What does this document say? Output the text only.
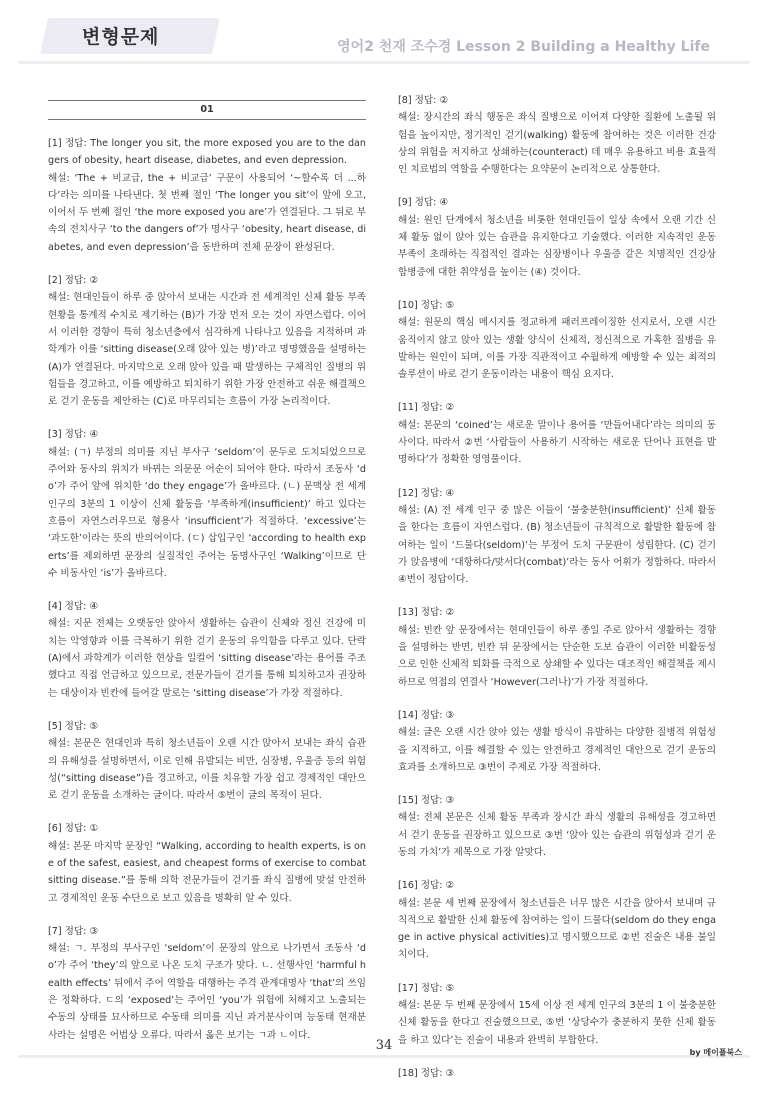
변형문제	영어2 천재 조수경 Lesson 2 Building a Healthy Life
01

[1] 정답: The longer you sit, the more exposed you are to the dangers of obesity, heart disease, diabetes, and even depression.

해설: ‘The + 비교급, the + 비교급’ 구문이 사용되어 ‘~할수록 더 ...하다’라는 의미를 나타낸다. 첫 번째 절인 ‘The longer you sit’이 앞에 오고, 이어서 두 번째 절인 ‘the more exposed you are’가 연결된다. 그 뒤로 부속의 전치사구 ‘to the dangers of’가 명사구 ‘obesity, heart disease, diabetes, and even depression’을 동반하며 전체 문장이 완성된다.

[2] 정답: ②

해설: 현대인들이 하루 중 앉아서 보내는 시간과 전 세계적인 신체 활동 부족 현황을 통계적 수치로 제기하는 (B)가 가장 먼저 오는 것이 자연스럽다. 이어서 이러한 경향이 특히 청소년층에서 심각하게 나타나고 있음을 지적하며 과학계가 이를 ‘sitting disease(오래 앉아 있는 병)’라고 명명했음을 설명하는 (A)가 연결된다. 마지막으로 오래 앉아 있을 때 발생하는 구체적인 질병의 위험들을 경고하고, 이를 예방하고 퇴치하기 위한 가장 안전하고 쉬운 해결책으로 걷기 운동을 제안하는 (C)로 마무리되는 흐름이 가장 논리적이다.

[3] 정답: ④

해설: (ㄱ) 부정의 의미를 지닌 부사구 ‘seldom’이 문두로 도치되었으므로 주어와 동사의 위치가 바뀌는 의문문 어순이 되어야 한다. 따라서 조동사 ‘do’가 주어 앞에 위치한 ‘do they engage’가 올바르다. (ㄴ) 문맥상 전 세계 인구의 3분의 1 이상이 신체 활동을 ‘부족하게(insufficient)’ 하고 있다는 흐름이 자연스러우므로 형용사 ‘insufficient’가 적절하다. ‘excessive’는 ‘과도한’이라는 뜻의 반의어이다. (ㄷ) 삽입구인 ‘according to health experts’를 제외하면 문장의 실질적인 주어는 동명사구인 ‘Walking’이므로 단수 비동사인 ‘is’가 올바르다.

[4] 정답: ④

해설: 지문 전체는 오랫동안 앉아서 생활하는 습관이 신체와 정신 건강에 미치는 악영향과 이를 극복하기 위한 걷기 운동의 유익함을 다루고 있다. 단락 (A)에서 과학계가 이러한 현상을 일컬어 ‘sitting disease’라는 용어를 주조했다고 직접 언급하고 있으므로, 전문가들이 걷기를 통해 퇴치하고자 권장하는 대상이자 빈칸에 들어갈 말로는 ‘sitting disease’가 가장 적절하다.

[5] 정답: ⑤

해설: 본문은 현대인과 특히 청소년들이 오랜 시간 앉아서 보내는 좌식 습관의 유해성을 설명하면서, 이로 인해 유발되는 비만, 심장병, 우울증 등의 위험성(“sitting disease”)을 경고하고, 이를 치유할 가장 쉽고 경제적인 대안으로 걷기 운동을 소개하는 글이다. 따라서 ⑤번이 글의 목적이 된다.

[6] 정답: ①

해설: 본문 마지막 문장인 “Walking, according to health experts, is one of the safest, easiest, and cheapest forms of exercise to combat sitting disease.”를 통해 의학 전문가들이 걷기를 좌식 질병에 맞설 안전하고 경제적인 운동 수단으로 보고 있음을 명확히 알 수 있다.

[7] 정답: ③

해설: ㄱ. 부정의 부사구인 ‘seldom’이 문장의 앞으로 나가면서 조동사 ‘do’가 주어 ‘they’의 앞으로 나온 도치 구조가 맞다. ㄴ. 선행사인 ‘harmful health effects’ 뒤에서 주어 역할을 대행하는 주격 관계대명사 ‘that’의 쓰임은 정확하다. ㄷ의 ‘exposed’는 주어인 ‘you’가 위험에 처해지고 노출되는 수동의 상태를 묘사하므로 수동태 의미를 지닌 과거분사이며 능동태 현재분사라는 설명은 어법상 오류다. 따라서 옳은 보기는 ㄱ과 ㄴ이다.

[8] 정답: ②

해설: 장시간의 좌식 행동은 좌식 질병으로 이어져 다양한 질환에 노출될 위험을 높이지만, 정기적인 걷기(walking) 활동에 참여하는 것은 이러한 건강상의 위험을 저지하고 상쇄하는(counteract) 데 매우 유용하고 비용 효율적인 치료법의 역할을 수행한다는 요약문이 논리적으로 상통한다.

[9] 정답: ④

해설: 원인 단계에서 청소년을 비롯한 현대인들이 일상 속에서 오랜 기간 신체 활동 없이 앉아 있는 습관을 유지한다고 기술했다. 이러한 지속적인 운동 부족이 초래하는 직접적인 결과는 심장병이나 우울증 같은 치명적인 건강상 합병증에 대한 취약성을 높이는 (④) 것이다.

[10] 정답: ⑤

해설: 원문의 핵심 메시지를 정교하게 패러프레이징한 선지로서, 오랜 시간 움직이지 않고 앉아 있는 생활 양식이 신체적, 정신적으로 가혹한 질병을 유발하는 원인이 되며, 이를 가장 직관적이고 수월하게 예방할 수 있는 최적의 솔루션이 바로 걷기 운동이라는 내용이 핵심 요지다.

[11] 정답: ②

해설: 본문의 ‘coined’는 새로운 말이나 용어를 ‘만들어내다’라는 의미의 동사이다. 따라서 ②번 ‘사람들이 사용하기 시작하는 새로운 단어나 표현을 발명하다’가 정확한 영영풀이다.

[12] 정답: ④

해설: (A) 전 세계 인구 중 많은 이들이 ‘불충분한(insufficient)’ 신체 활동을 한다는 흐름이 자연스럽다. (B) 청소년들이 규칙적으로 활발한 활동에 참여하는 일이 ‘드물다(seldom)’는 부정어 도치 구문판이 성립한다. (C) 걷기가 앉음병에 ‘대항하다/맞서다(combat)’라는 동사 어휘가 정합하다. 따라서 ④번이 정답이다.

[13] 정답: ②

해설: 빈칸 앞 문장에서는 현대인들이 하루 종일 주로 앉아서 생활하는 경향을 설명하는 반면, 빈칸 뒤 문장에서는 단순한 도보 습관이 이러한 비활동성으로 인한 신체적 퇴화를 극적으로 상쇄할 수 있다는 대조적인 해결책을 제시하므로 역접의 연결사 ‘However(그러나)’가 가장 적절하다.

[14] 정답: ③

해설: 글은 오랜 시간 앉아 있는 생활 방식이 유발하는 다양한 질병적 위험성을 지적하고, 이를 해결할 수 있는 안전하고 경제적인 대안으로 걷기 운동의 효과를 소개하므로 ③번이 주제로 가장 적절하다.

[15] 정답: ③

해설: 전체 본문은 신체 활동 부족과 장시간 좌식 생활의 유해성을 경고하면서 걷기 운동을 권장하고 있으므로 ③번 ‘앉아 있는 습관의 위험성과 걷기 운동의 가치’가 제목으로 가장 알맞다.

[16] 정답: ②

해설: 본문 세 번째 문장에서 청소년들은 너무 많은 시간을 앉아서 보내며 규칙적으로 활발한 신체 활동에 참여하는 일이 드물다(seldom do they engage in active physical activities)고 명시했으므로 ②번 진술은 내용 불일치이다.

[17] 정답: ⑤

해설: 본문 두 번째 문장에서 15세 이상 전 세계 인구의 3분의 1 이 불충분한 신체 활동을 한다고 진술했으므로, ⑤번 ‘상당수가 충분하지 못한 신체 활동을 하고 있다’는 진술이 내용과 완벽히 부합한다.

[18] 정답: ③

34	by 메이플북스
